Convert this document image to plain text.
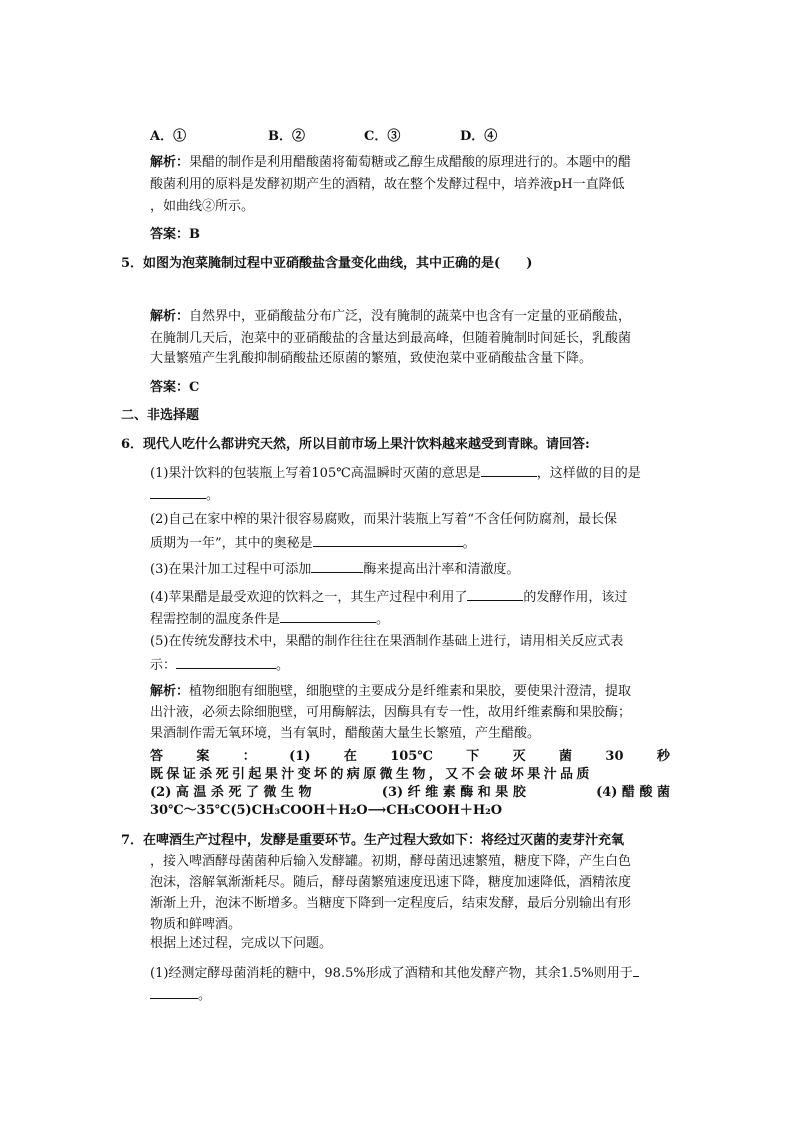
A．①	B．②	C．③	D．④
解析：果醋的制作是利用醋酸菌将葡萄糖或乙醇生成醋酸的原理进行的。本题中的醋
酸菌利用的原料是发酵初期产生的酒精，故在整个发酵过程中，培养液pH一直降低
，如曲线②所示。
答案：B
5．如图为泡菜腌制过程中亚硝酸盐含量变化曲线，其中正确的是(　　)
解析：自然界中，亚硝酸盐分布广泛，没有腌制的蔬菜中也含有一定量的亚硝酸盐，
在腌制几天后，泡菜中的亚硝酸盐的含量达到最高峰，但随着腌制时间延长，乳酸菌
大量繁殖产生乳酸抑制硝酸盐还原菌的繁殖，致使泡菜中亚硝酸盐含量下降。
答案：C
二、非选择题
6．现代人吃什么都讲究天然，所以目前市场上果汁饮料越来越受到青睐。请回答:
(1)果汁饮料的包装瓶上写着105℃高温瞬时灭菌的意思是	，这样做的目的是
。
(2)自己在家中榨的果汁很容易腐败，而果汁装瓶上写着“不含任何防腐剂，最长保
质期为一年”，其中的奥秘是	。
(3)在果汁加工过程中可添加	酶来提高出汁率和清澈度。
(4)苹果醋是最受欢迎的饮料之一，其生产过程中利用了	的发酵作用，该过
程需控制的温度条件是	。
(5)在传统发酵技术中，果醋的制作往往在果酒制作基础上进行，请用相关反应式表
示：	。
解析：植物细胞有细胞壁，细胞壁的主要成分是纤维素和果胶，要使果汁澄清，提取
出汁液，必须去除细胞壁，可用酶解法，因酶具有专一性，故用纤维素酶和果胶酶；
果酒制作需无氧环境，当有氧时，醋酸菌大量生长繁殖，产生醋酸。
答	案	：	(1)	在	105℃	下	灭	菌	30	秒
既保证杀死引起果汁变坏的病原微生物，又不会破坏果汁品质
(2) 高 温 杀 死 了 微 生 物	(3) 纤 维 素 酶 和 果 胶	(4) 醋 酸 菌
30℃～35℃(5)CH₃COOH＋H₂O⟶CH₃COOH＋H₂O
7．在啤酒生产过程中，发酵是重要环节。生产过程大致如下：将经过灭菌的麦芽汁充氧
，接入啤酒酵母菌菌种后输入发酵罐。初期，酵母菌迅速繁殖，糖度下降，产生白色
泡沫，溶解氧渐渐耗尽。随后，酵母菌繁殖速度迅速下降，糖度加速降低，酒精浓度
渐渐上升，泡沫不断增多。当糖度下降到一定程度后，结束发酵，最后分别输出有形
物质和鲜啤酒。
根据上述过程，完成以下问题。
(1)经测定酵母菌消耗的糖中，98.5%形成了酒精和其他发酵产物，其余1.5%则用于
。
